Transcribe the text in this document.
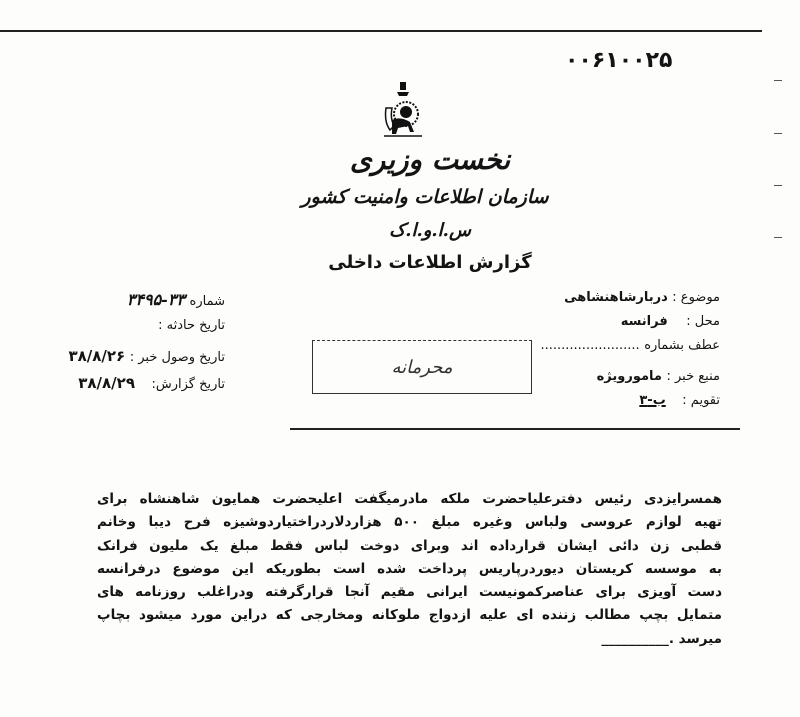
۰۰۶۱۰۰۲۵
نخست وزیری
سازمان اطلاعات وامنیت کشور
س.ا.و.ا.ک
گزارش اطلاعات داخلی
شماره ۳۳-۳۴۹۵
تاریخ حادثه :
تاریخ وصول خبر : ۳۸/۸/۲۶
تاریخ گزارش: ۳۸/۸/۲۹
موضوع : دربارشاهنشاهی
محل : فرانسه
عطف بشماره ........................
منبع خبر : مامورویژه
تقویم : ب-۳
محرمانه

همسرایزدی رئیس دفترعلیاحضرت ملکه مادرمیگفت اعلیحضرت همایون شاهنشاه برای

تهیه لوازم عروسی ولباس وغیره مبلغ ۵۰۰ هزاردلاردراختیاردوشیزه فرح دیبا وخانم

قطبی زن دائی ایشان قرارداده اند وبرای دوخت لباس فقط مبلغ یک ملیون فرانک

به موسسه کریستان دیوردرپاریس پرداخت شده است بطوریکه این موضوع درفرانسه

دست آویزی برای عناصرکمونیست ایرانی مقیم آنجا قرارگرفته ودراغلب روزنامه های

متمایل بچپ مطالب زننده ای علیه ازدواج ملوکانه ومخارجی که دراین مورد میشود بچاپ

میرسد .__________
